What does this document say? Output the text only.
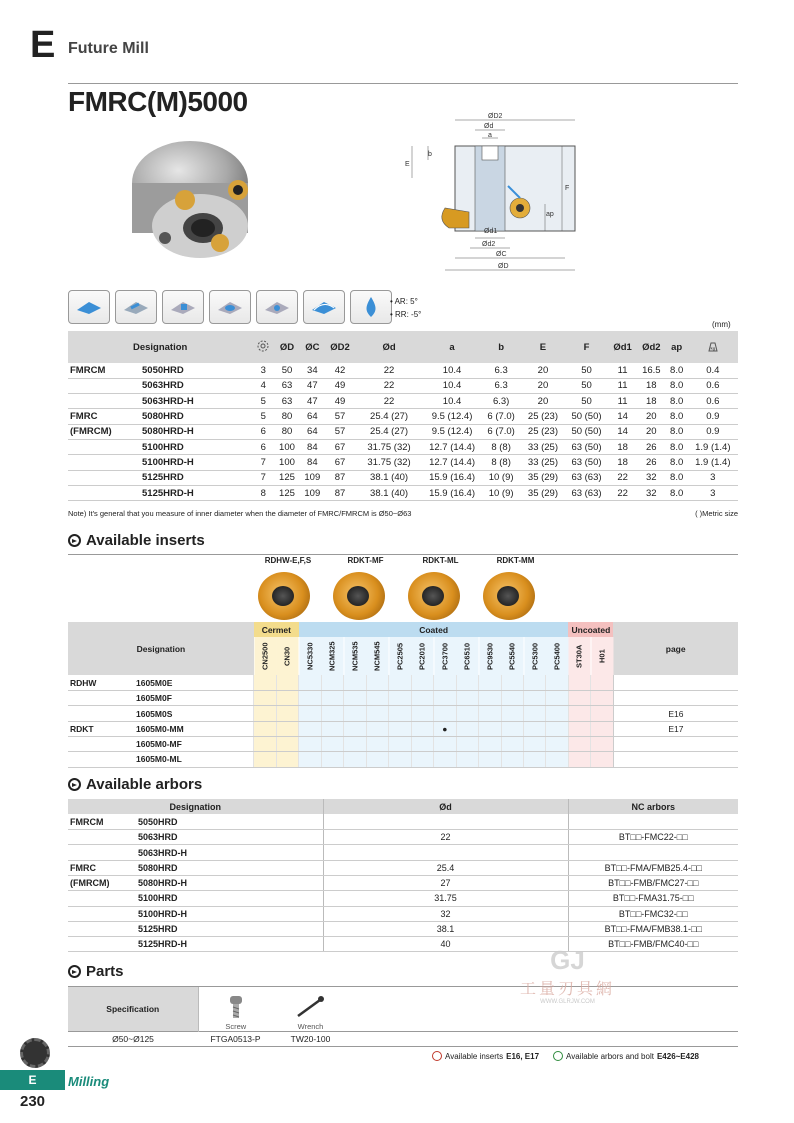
E Future Mill
FMRC(M)5000	ØD2
Ød
a
b
E
F
ap
Ød1
Ød2
ØC
ØD
• AR: 5°
• RR: -5°
(mm)
Designation			ØD	ØC	ØD2	Ød	a	b	E	F	Ød1	Ød2	ap	kg

FMRCM	5050HRD	3	50	34	42	22	10.4	6.3	20	50	11	16.5	8.0	0.4
	5063HRD	4	63	47	49	22	10.4	6.3	20	50	11	18	8.0	0.6
	5063HRD-H	5	63	47	49	22	10.4	6.3)	20	50	11	18	8.0	0.6
FMRC	5080HRD	5	80	64	57	25.4 (27)	9.5 (12.4)	6 (7.0)	25 (23)	50 (50)	14	20	8.0	0.9
(FMRCM)	5080HRD-H	6	80	64	57	25.4 (27)	9.5 (12.4)	6 (7.0)	25 (23)	50 (50)	14	20	8.0	0.9
	5100HRD	6	100	84	67	31.75 (32)	12.7 (14.4)	8 (8)	33 (25)	63 (50)	18	26	8.0	1.9 (1.4)
	5100HRD-H	7	100	84	67	31.75 (32)	12.7 (14.4)	8 (8)	33 (25)	63 (50)	18	26	8.0	1.9 (1.4)
	5125HRD	7	125	109	87	38.1 (40)	15.9 (16.4)	10 (9)	35 (29)	63 (63)	22	32	8.0	3
	5125HRD-H	8	125	109	87	38.1 (40)	15.9 (16.4)	10 (9)	35 (29)	63 (63)	22	32	8.0	3
Note) It's general that you measure of inner diameter when the diameter of FMRC/FMRCM is Ø50~Ø63	( )Metric size
Available inserts
RDHW-E,F,S	RDKT-MF	RDKT-ML	RDKT-MM
Designation	Cermet		Coated												Uncoated		page
	CN2500	CN30	NC5330	NCM325	NCM535	NCM545	PC2505	PC2010	PC3700	PC6510	PC9530	PC5540	PC5300	PC5400	ST30A	H01	
RDHW 1605M0E																	
1605M0F																	
1605M0S																	E16
RDKT 1605M0-MM									●								E17
1605M0-MF																	
1605M0-ML																	
Available arbors
Designation		Ød	NC arbors
FMRCM	5050HRD		
	5063HRD	22	BT□□-FMC22-□□
	5063HRD-H		
FMRC	5080HRD	25.4	BT□□-FMA/FMB25.4-□□
(FMRCM)	5080HRD-H	27	BT□□-FMB/FMC27-□□
	5100HRD	31.75	BT□□-FMA31.75-□□
	5100HRD-H	32	BT□□-FMC32-□□
	5125HRD	38.1	BT□□-FMA/FMB38.1-□□
	5125HRD-H	40	BT□□-FMB/FMC40-□□
Parts
Specification	Screw	Wrench	

Ø50~Ø125	FTGA0513-P	TW20-100	
GJ
工量刃具網
WWW.GLRJW.COM
Available inserts E16, E17	Available arbors and bolt E426~E428
E	Milling
230
